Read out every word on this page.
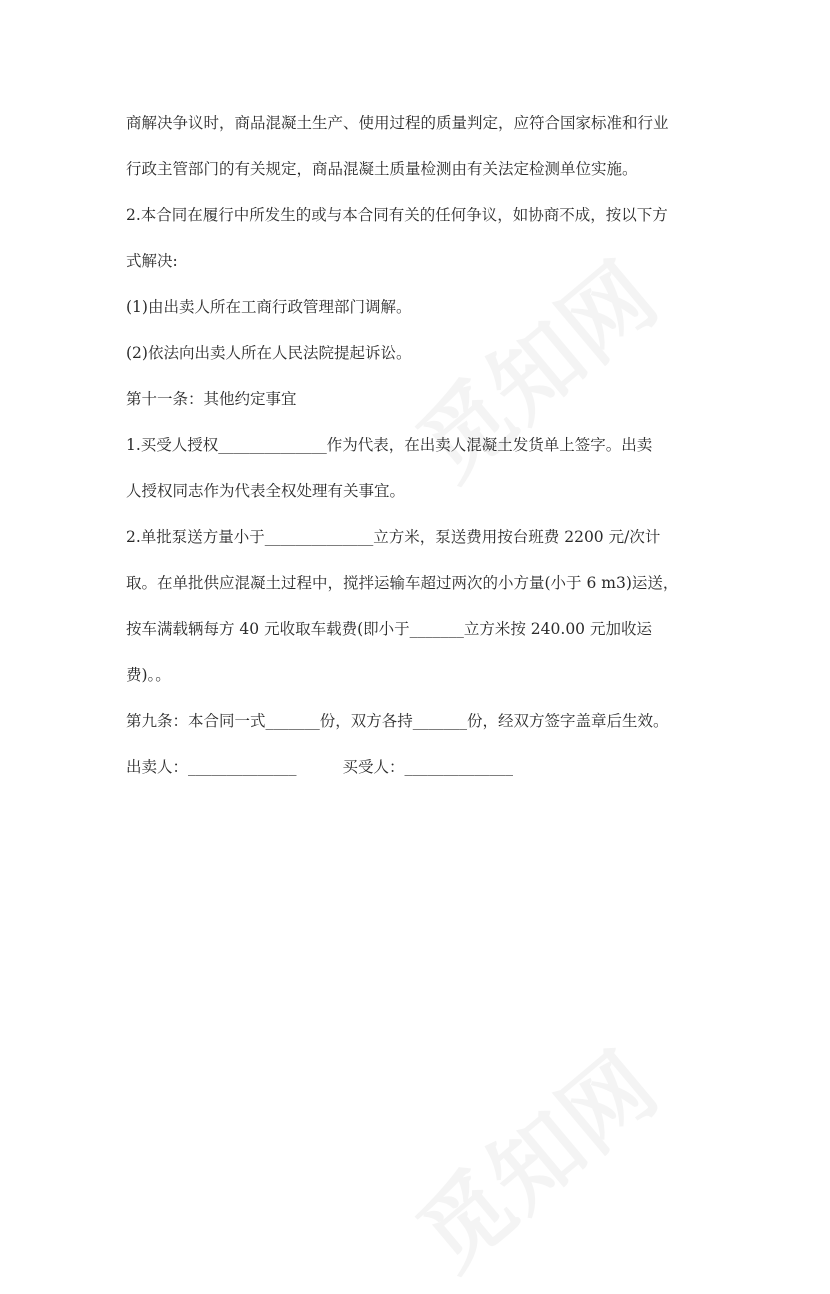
商解决争议时，商品混凝土生产、使用过程的质量判定，应符合国家标准和行业
行政主管部门的有关规定，商品混凝土质量检测由有关法定检测单位实施。
2.本合同在履行中所发生的或与本合同有关的任何争议，如协商不成，按以下方
式解决:
(1)由出卖人所在工商行政管理部门调解。
(2)依法向出卖人所在人民法院提起诉讼。
第十一条：其他约定事宜
1.买受人授权______________作为代表，在出卖人混凝土发货单上签字。出卖
人授权同志作为代表全权处理有关事宜。
2.单批泵送方量小于______________立方米，泵送费用按台班费 2200 元/次计
取。在单批供应混凝土过程中，搅拌运输车超过两次的小方量(小于 6 m3)运送，
按车满载辆每方 40 元收取车载费(即小于_______立方米按 240.00 元加收运
费)。。
第九条：本合同一式_______份，双方各持_______份，经双方签字盖章后生效。
出卖人：______________	买受人：______________
